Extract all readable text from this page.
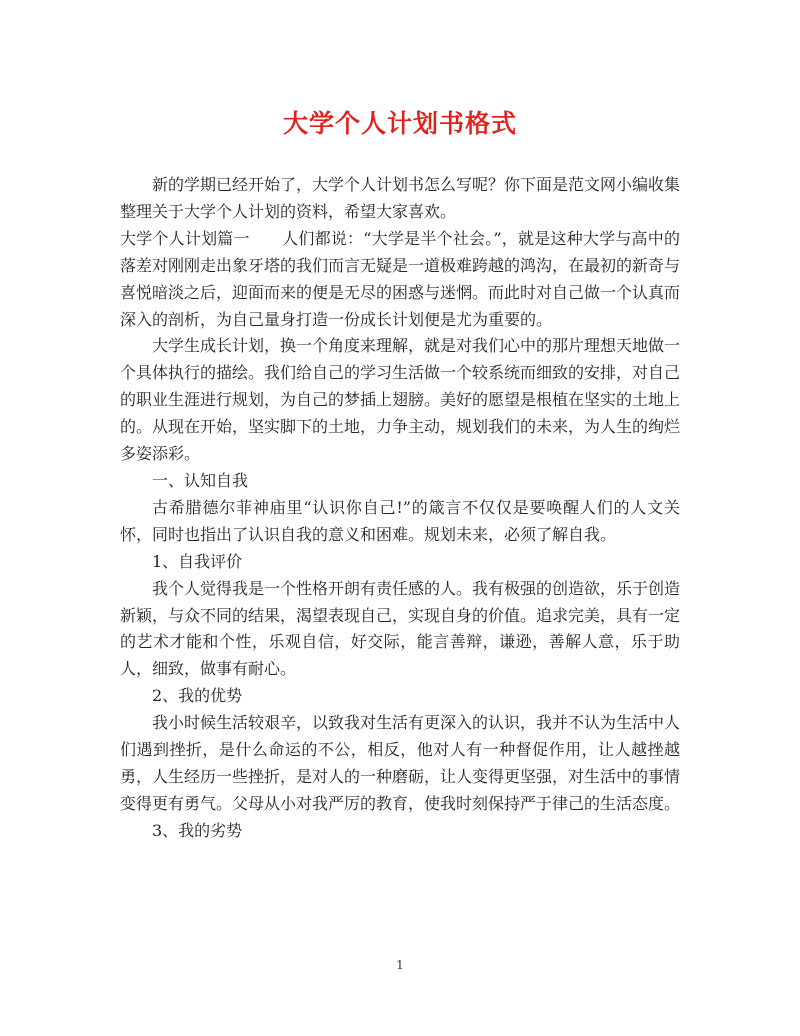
大学个人计划书格式

新的学期已经开始了，大学个人计划书怎么写呢？你下面是范文网小编收集整理关于大学个人计划的资料，希望大家喜欢。

大学个人计划篇一　　人们都说：“大学是半个社会。”，就是这种大学与高中的落差对刚刚走出象牙塔的我们而言无疑是一道极难跨越的鸿沟，在最初的新奇与喜悦暗淡之后，迎面而来的便是无尽的困惑与迷惘。而此时对自己做一个认真而深入的剖析，为自己量身打造一份成长计划便是尤为重要的。

大学生成长计划，换一个角度来理解，就是对我们心中的那片理想天地做一个具体执行的描绘。我们给自己的学习生活做一个较系统而细致的安排，对自己的职业生涯进行规划，为自己的梦插上翅膀。美好的愿望是根植在坚实的土地上的。从现在开始，坚实脚下的土地，力争主动，规划我们的未来，为人生的绚烂多姿添彩。

一、认知自我

古希腊德尔菲神庙里“认识你自己!”的箴言不仅仅是要唤醒人们的人文关怀，同时也指出了认识自我的意义和困难。规划未来，必须了解自我。

1、自我评价

我个人觉得我是一个性格开朗有责任感的人。我有极强的创造欲，乐于创造新颖，与众不同的结果，渴望表现自己，实现自身的价值。追求完美，具有一定的艺术才能和个性，乐观自信，好交际，能言善辩，谦逊，善解人意，乐于助人，细致，做事有耐心。

2、我的优势

我小时候生活较艰辛，以致我对生活有更深入的认识，我并不认为生活中人们遇到挫折，是什么命运的不公，相反，他对人有一种督促作用，让人越挫越勇，人生经历一些挫折，是对人的一种磨砺，让人变得更坚强，对生活中的事情变得更有勇气。父母从小对我严厉的教育，使我时刻保持严于律己的生活态度。

3、我的劣势

1
